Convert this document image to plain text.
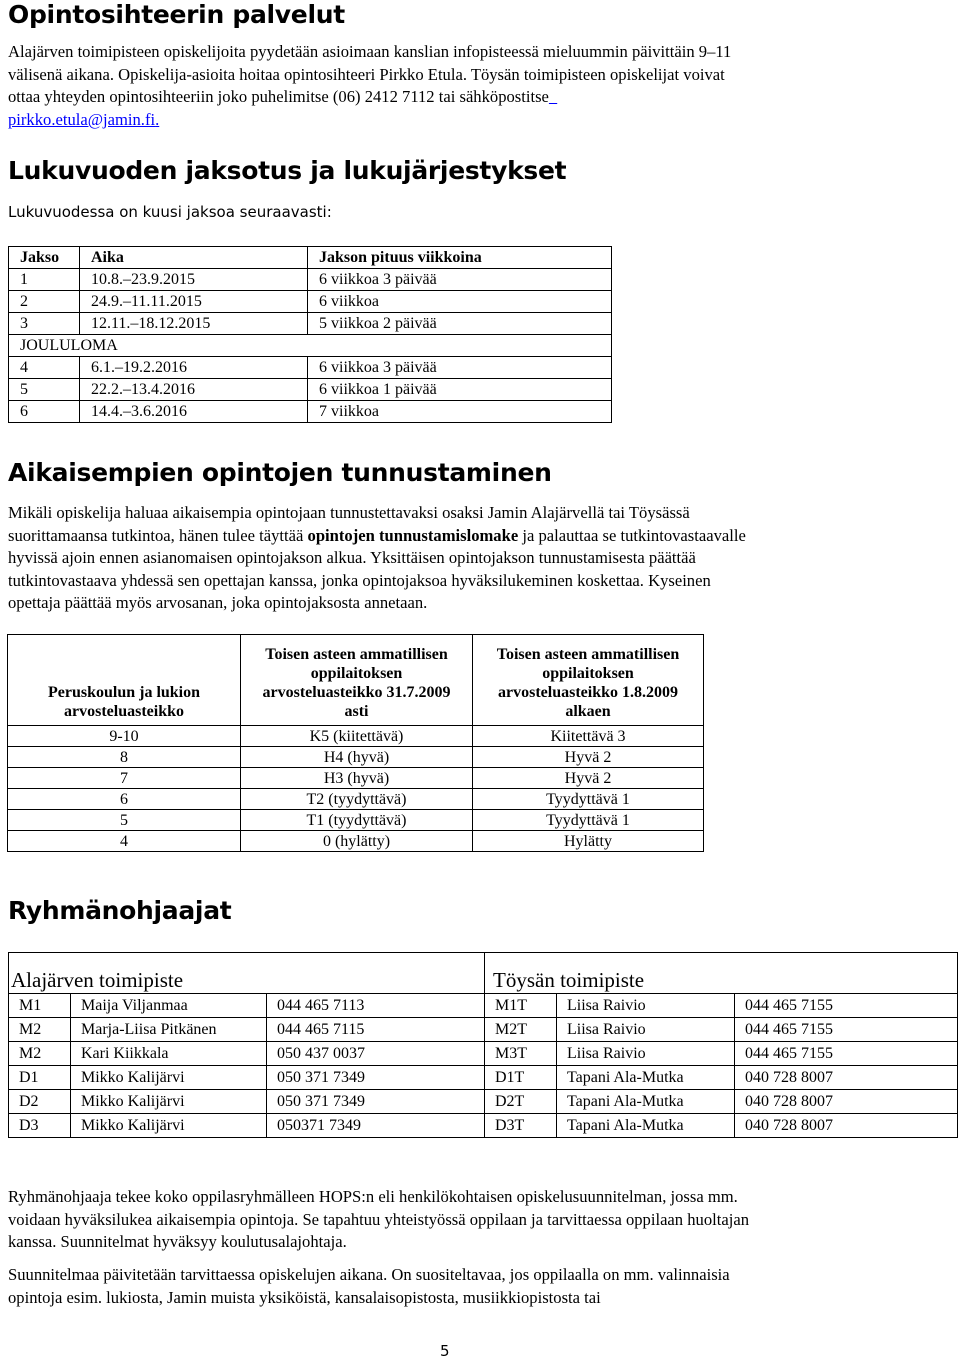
Opintosihteerin palvelut

Alajärven toimipisteen opiskelijoita pyydetään asioimaan kanslian infopisteessä mieluummin päivittäin 9–11

välisenä aikana. Opiskelija-asioita hoitaa opintosihteeri Pirkko Etula. Töysän toimipisteen opiskelijat voivat

ottaa yhteyden opintosihteeriin joko puhelimitse (06) 2412 7112 tai sähköpostitse

pirkko.etula@jamin.fi.

Lukuvuoden jaksotus ja lukujärjestykset
Lukuvuodessa on kuusi jaksoa seuraavasti:
Jakso	Aika	Jakson pituus viikkoina
1	10.8.–23.9.2015	6 viikkoa 3 päivää
2	24.9.–11.11.2015	6 viikkoa
3	12.11.–18.12.2015	5 viikkoa 2 päivää
JOULULOMA		
4	6.1.–19.2.2016	6 viikkoa 3 päivää
5	22.2.–13.4.2016	6 viikkoa 1 päivää
6	14.4.–3.6.2016	7 viikkoa
Aikaisempien opintojen tunnustaminen

Mikäli opiskelija haluaa aikaisempia opintojaan tunnustettavaksi osaksi Jamin Alajärvellä tai Töysässä

suorittamaansa tutkintoa, hänen tulee täyttää opintojen tunnustamislomake ja palauttaa se tutkintovastaavalle

hyvissä ajoin ennen asianomaisen opintojakson alkua. Yksittäisen opintojakson tunnustamisesta päättää

tutkintovastaava yhdessä sen opettajan kanssa, jonka opintojaksoa hyväksilukeminen koskettaa. Kyseinen

opettaja päättää myös arvosanan, joka opintojaksosta annetaan.

Peruskoulun ja lukion arvosteluasteikko	Toisen asteen ammatillisen oppilaitoksen arvosteluasteikko 31.7.2009 asti	Toisen asteen ammatillisen oppilaitoksen arvosteluasteikko 1.8.2009 alkaen
9-10	K5 (kiitettävä)	Kiitettävä 3
8	H4 (hyvä)	Hyvä 2
7	H3 (hyvä)	Hyvä 2
6	T2 (tyydyttävä)	Tyydyttävä 1
5	T1 (tyydyttävä)	Tyydyttävä 1
4	0 (hylätty)	Hylätty
Ryhmänohjaajat
Alajärven toimipiste			Töysän toimipiste		
M1	Maija Viljanmaa	044 465 7113	M1T	Liisa Raivio	044 465 7155
M2	Marja-Liisa Pitkänen	044 465 7115	M2T	Liisa Raivio	044 465 7155
M2	Kari Kiikkala	050 437 0037	M3T	Liisa Raivio	044 465 7155
D1	Mikko Kalijärvi	050 371 7349	D1T	Tapani Ala-Mutka	040 728 8007
D2	Mikko Kalijärvi	050 371 7349	D2T	Tapani Ala-Mutka	040 728 8007
D3	Mikko Kalijärvi	050371 7349	D3T	Tapani Ala-Mutka	040 728 8007

Ryhmänohjaaja tekee koko oppilasryhmälleen HOPS:n eli henkilökohtaisen opiskelusuunnitelman, jossa mm.

voidaan hyväksilukea aikaisempia opintoja. Se tapahtuu yhteistyössä oppilaan ja tarvittaessa oppilaan huoltajan

kanssa. Suunnitelmat hyväksyy koulutusalajohtaja.

Suunnitelmaa päivitetään tarvittaessa opiskelujen aikana. On suositeltavaa, jos oppilaalla on mm. valinnaisia

opintoja esim. lukiosta, Jamin muista yksiköistä, kansalaisopistosta, musiikkiopistosta tai

5
